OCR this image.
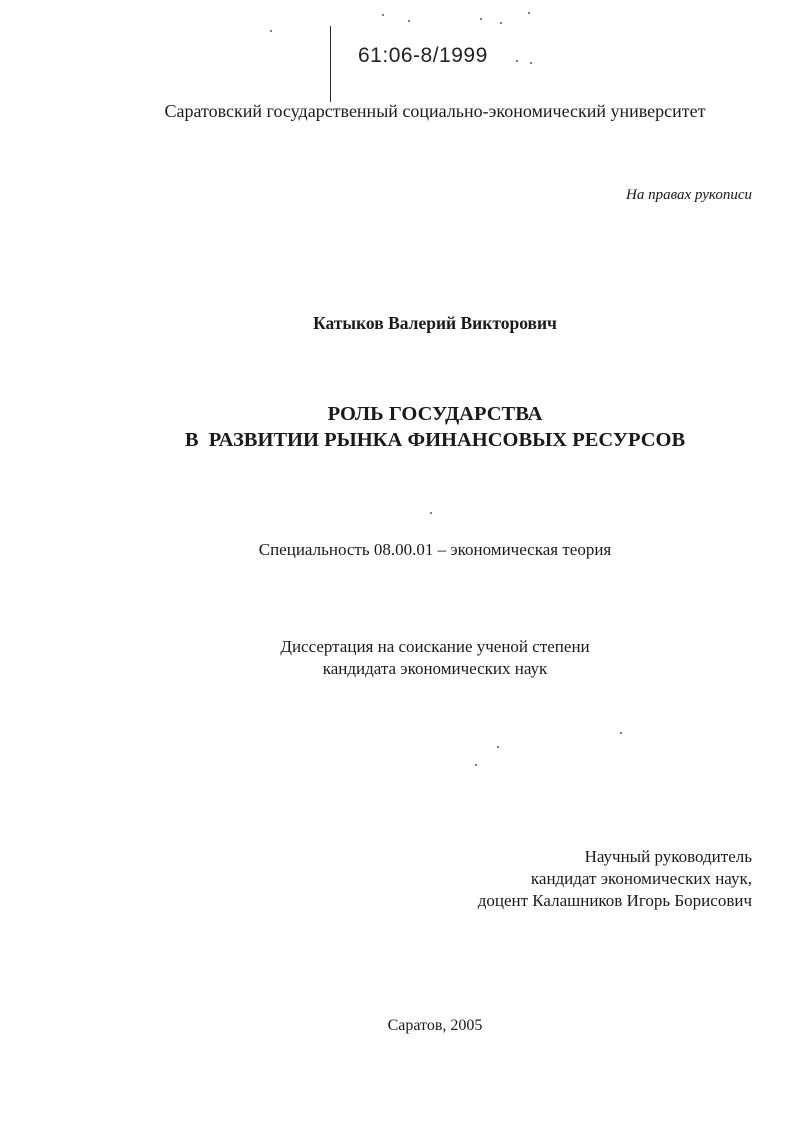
61:06-8/1999
Саратовский государственный социально-экономический университет
На правах рукописи
Катыков Валерий Викторович
РОЛЬ ГОСУДАРСТВА
В  РАЗВИТИИ РЫНКА ФИНАНСОВЫХ РЕСУРСОВ
Специальность 08.00.01 – экономическая теория
Диссертация на соискание ученой степени
кандидата экономических наук
Научный руководитель
кандидат экономических наук,
доцент Калашников Игорь Борисович
Саратов, 2005
